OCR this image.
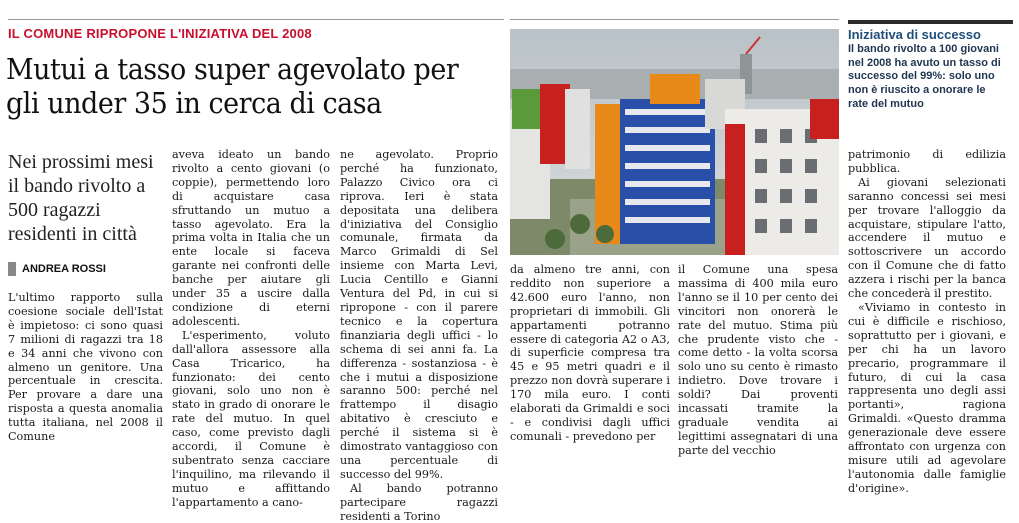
IL COMUNE RIPROPONE L'INIZIATIVA DEL 2008
Mutui a tasso super agevolato per gli under 35 in cerca di casa
Nei prossimi mesi il bando rivolto a 500 ragazzi residenti in città
ANDREA ROSSI

L'ultimo rapporto sulla coesione sociale dell'Istat è impietoso: ci sono quasi 7 milioni di ragazzi tra 18 e 34 anni che vivono con almeno un genitore. Una percentuale in crescita. Per provare a dare una risposta a questa anomalia tutta italiana, nel 2008 il Comune

aveva ideato un bando rivolto a cento giovani (o coppie), permettendo loro di acquistare casa sfruttando un mutuo a tasso agevolato. Era la prima volta in Italia che un ente locale si faceva garante nei confronti delle banche per aiutare gli under 35 a uscire dalla condizione di eterni adolescenti.

L'esperimento, voluto dall'allora assessore alla Casa Tricarico, ha funzionato: dei cento giovani, solo uno non è stato in grado di onorare le rate del mutuo. In quel caso, come previsto dagli accordi, il Comune è subentrato senza cacciare l'inquilino, ma rilevando il mutuo e affittando l'appartamento a cano-

ne agevolato. Proprio perché ha funzionato, Palazzo Civico ora ci riprova. Ieri è stata depositata una delibera d'iniziativa del Consiglio comunale, firmata da Marco Grimaldi di Sel insieme con Marta Levi, Lucia Centillo e Gianni Ventura del Pd, in cui si ripropone - con il parere tecnico e la copertura finanziaria degli uffici - lo schema di sei anni fa. La differenza - sostanziosa - è che i mutui a disposizione saranno 500: perché nel frattempo il disagio abitativo è cresciuto e perché il sistema si è dimostrato vantaggioso con una percentuale di successo del 99%.

Al bando potranno partecipare ragazzi residenti a Torino

Iniziativa di successo
Il bando rivolto a 100 giovani nel 2008 ha avuto un tasso di successo del 99%: solo uno non è riuscito a onorare le rate del mutuo

da almeno tre anni, con reddito non superiore a 42.600 euro l'anno, non proprietari di immobili. Gli appartamenti potranno essere di categoria A2 o A3, di superficie compresa tra 45 e 95 metri quadri e il prezzo non dovrà superare i 170 mila euro. I conti elaborati da Grimaldi e soci - e condivisi dagli uffici comunali - prevedono per

il Comune una spesa massima di 400 mila euro l'anno se il 10 per cento dei vincitori non onorerà le rate del mutuo. Stima più che prudente visto che - come detto - la volta scorsa solo uno su cento è rimasto indietro. Dove trovare i soldi? Dai proventi incassati tramite la graduale vendita ai legittimi assegnatari di una parte del vecchio

patrimonio di edilizia pubblica.

Ai giovani selezionati saranno concessi sei mesi per trovare l'alloggio da acquistare, stipulare l'atto, accendere il mutuo e sottoscrivere un accordo con il Comune che di fatto azzera i rischi per la banca che concederà il prestito.

«Viviamo in contesto in cui è difficile e rischioso, soprattutto per i giovani, e per chi ha un lavoro precario, programmare il futuro, di cui la casa rappresenta uno degli assi portanti», ragiona Grimaldi. «Questo dramma generazionale deve essere affrontato con urgenza con misure utili ad agevolare l'autonomia dalle famiglie d'origine».
